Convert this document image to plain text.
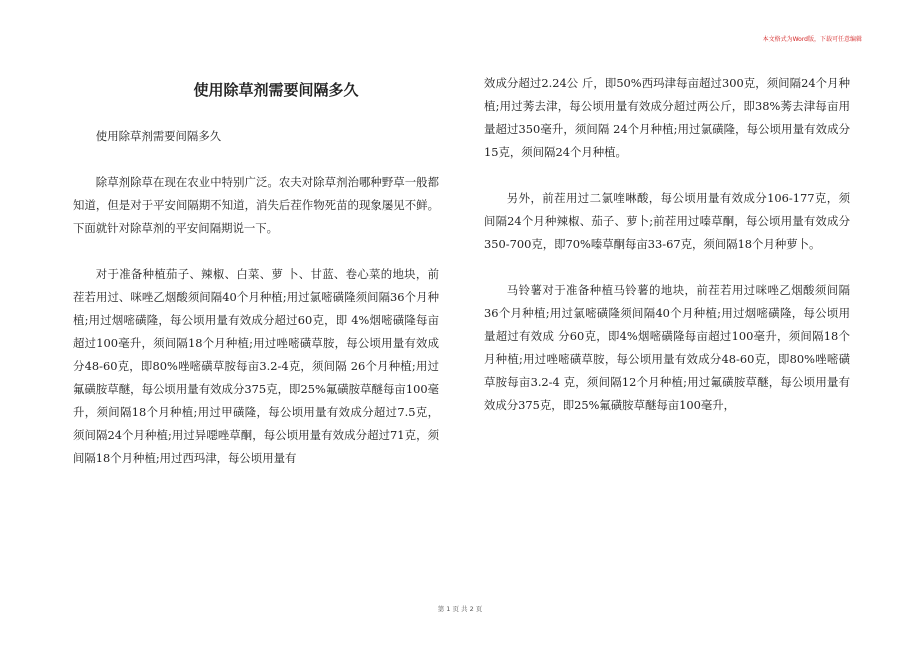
本文格式为Word版，下载可任意编辑
使用除草剂需要间隔多久

使用除草剂需要间隔多久

除草剂除草在现在农业中特别广泛。农夫对除草剂治哪种野草一般都知道，但是对于平安间隔期不知道，消失后茬作物死苗的现象屡见不鲜。下面就针对除草剂的平安间隔期说一下。

对于准备种植茄子、辣椒、白菜、萝 卜、甘蓝、卷心菜的地块，前茬若用过、咪唑乙烟酸须间隔40个月种植;用过氯嘧磺隆须间隔36个月种植;用过烟嘧磺隆，每公顷用量有效成分超过60克，即 4%烟嘧磺隆每亩超过100毫升，须间隔18个月种植;用过唑嘧磺草胺，每公顷用量有效成分48-60克，即80%唑嘧磺草胺每亩3.2-4克，须间隔 26个月种植;用过氟磺胺草醚，每公顷用量有效成分375克，即25%氟磺胺草醚每亩100毫升，须间隔18个月种植;用过甲磺隆，每公顷用量有效成分超过7.5克，须间隔24个月种植;用过异噁唑草酮，每公顷用量有效成分超过71克，须间隔18个月种植;用过西玛津，每公顷用量有

效成分超过2.24公 斤，即50%西玛津每亩超过300克，须间隔24个月种植;用过莠去津，每公顷用量有效成分超过两公斤，即38%莠去津每亩用量超过350毫升，须间隔 24个月种植;用过氯磺隆，每公顷用量有效成分15克，须间隔24个月种植。

另外，前茬用过二氯喹啉酸，每公顷用量有效成分106-177克，须间隔24个月种辣椒、茄子、萝卜;前茬用过嗪草酮，每公顷用量有效成分350-700克，即70%嗪草酮每亩33-67克，须间隔18个月种萝卜。

马铃薯对于准备种植马铃薯的地块，前茬若用过咪唑乙烟酸须间隔36个月种植;用过氯嘧磺隆须间隔40个月种植;用过烟嘧磺隆，每公顷用量超过有效成 分60克，即4%烟嘧磺隆每亩超过100毫升，须间隔18个月种植;用过唑嘧磺草胺，每公顷用量有效成分48-60克，即80%唑嘧磺草胺每亩3.2-4 克，须间隔12个月种植;用过氟磺胺草醚，每公顷用量有效成分375克，即25%氟磺胺草醚每亩100毫升，

第 1 页 共 2 页
